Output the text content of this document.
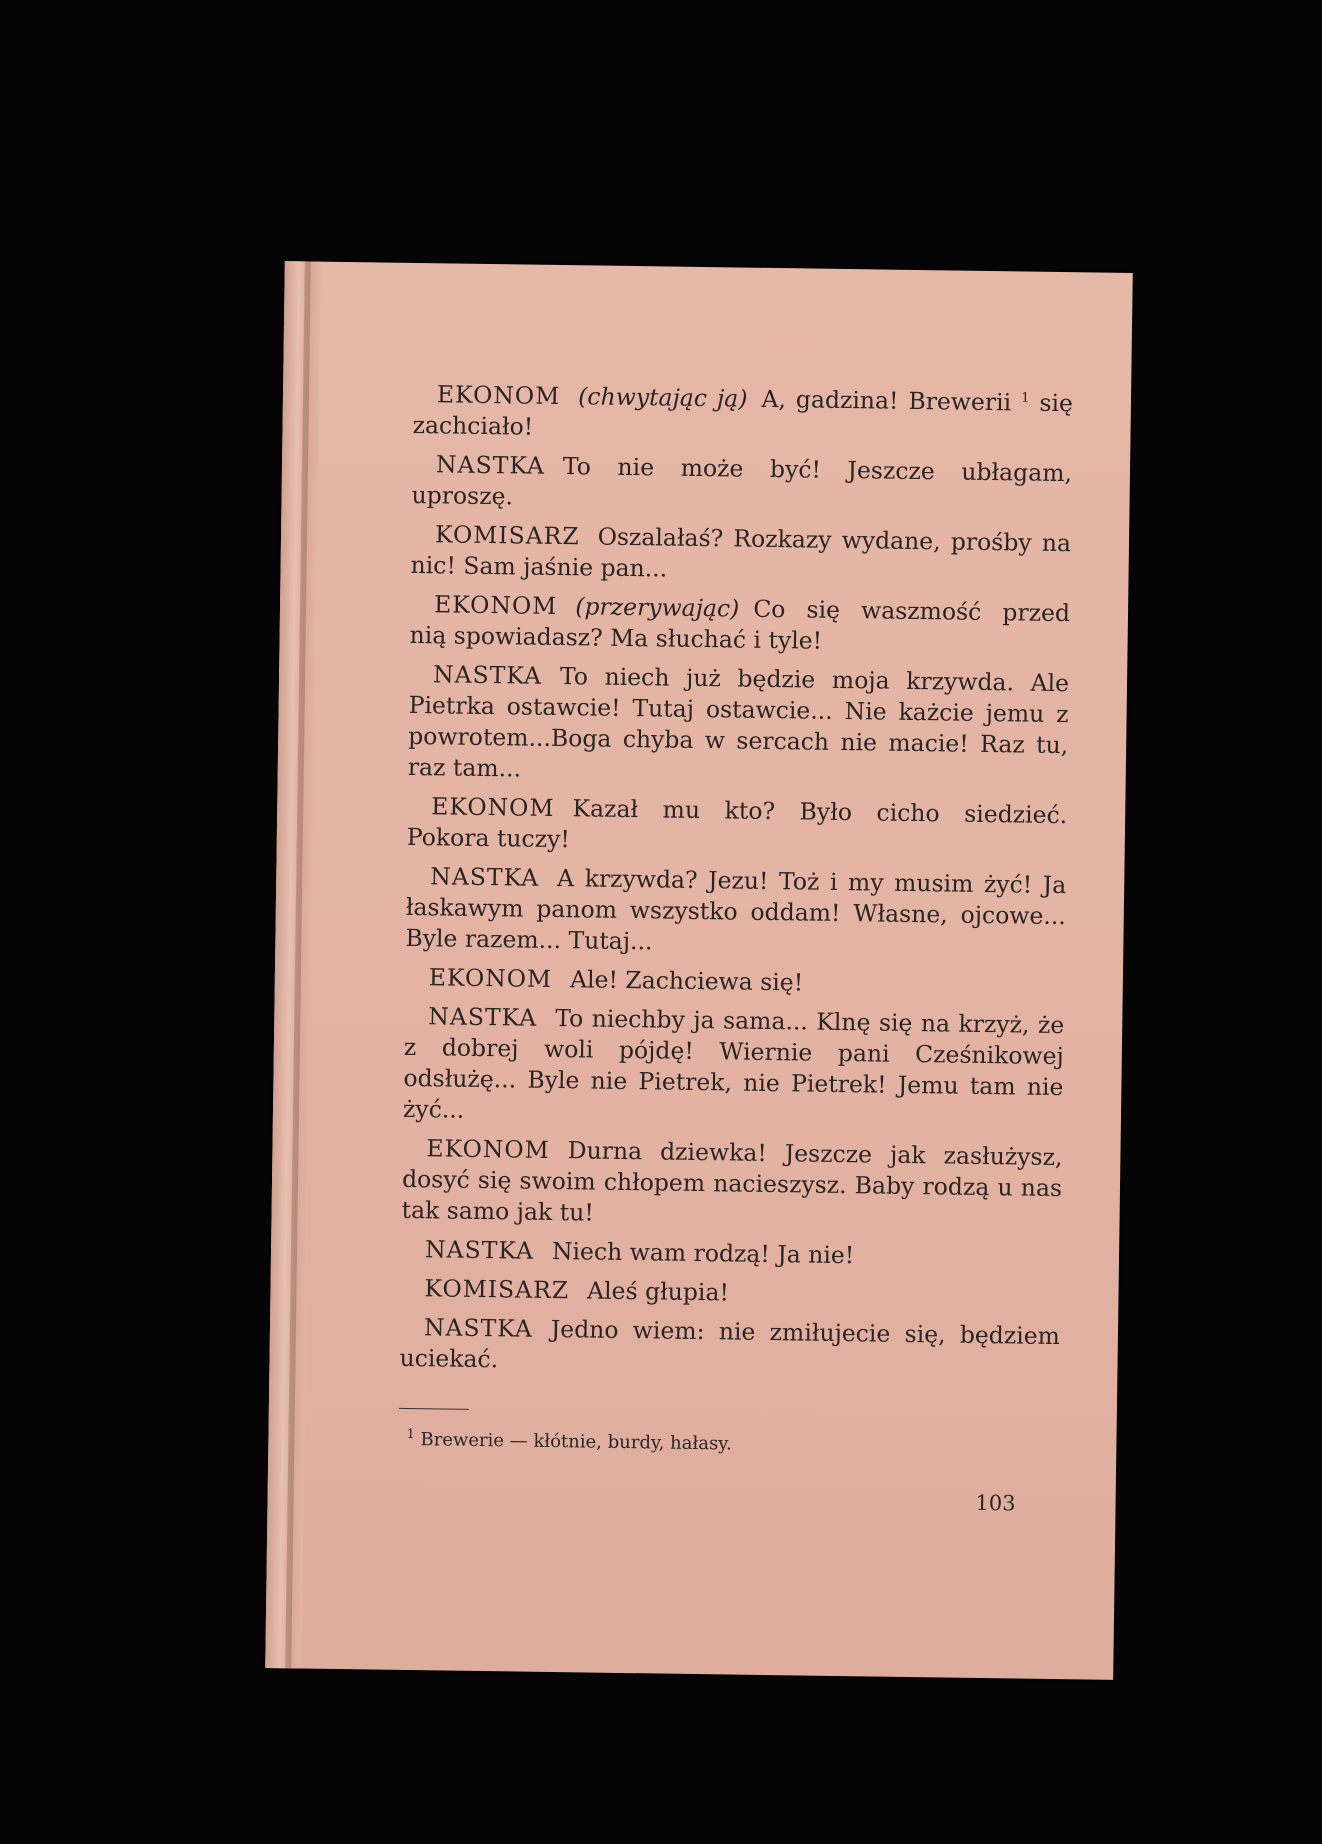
EKONOM (chwytając ją) A, gadzina! Brewerii $^1$ się zachciało!

NASTKA To nie może być! Jeszcze ubłagam, uproszę.

KOMISARZ Oszalałaś? Rozkazy wydane, prośby na nic! Sam jaśnie pan...

EKONOM (przerywając) Co się waszmość przed nią spowiadasz? Ma słuchać i tyle!

NASTKA To niech już będzie moja krzywda. Ale Pietrka ostawcie! Tutaj ostawcie... Nie każcie jemu z powrotem...Boga chyba w sercach nie macie! Raz tu, raz tam...

EKONOM Kazał mu kto? Było cicho siedzieć. Pokora tuczy!

NASTKA A krzywda? Jezu! Toż i my musim żyć! Ja łaskawym panom wszystko oddam! Własne, ojcowe... Byle razem... Tutaj...

EKONOM Ale! Zachciewa się!

NASTKA To niechby ja sama... Klnę się na krzyż, że z dobrej woli pójdę! Wiernie pani Cześnikowej odsłużę... Byle nie Pietrek, nie Pietrek! Jemu tam nie żyć...

EKONOM Durna dziewka! Jeszcze jak zasłużysz, dosyć się swoim chłopem nacieszysz. Baby rodzą u nas tak samo jak tu!

NASTKA Niech wam rodzą! Ja nie!

KOMISARZ Aleś głupia!

NASTKA Jedno wiem: nie zmiłujecie się, będziem uciekać.

$^1$ Brewerie — kłótnie, burdy, hałasy.

103
